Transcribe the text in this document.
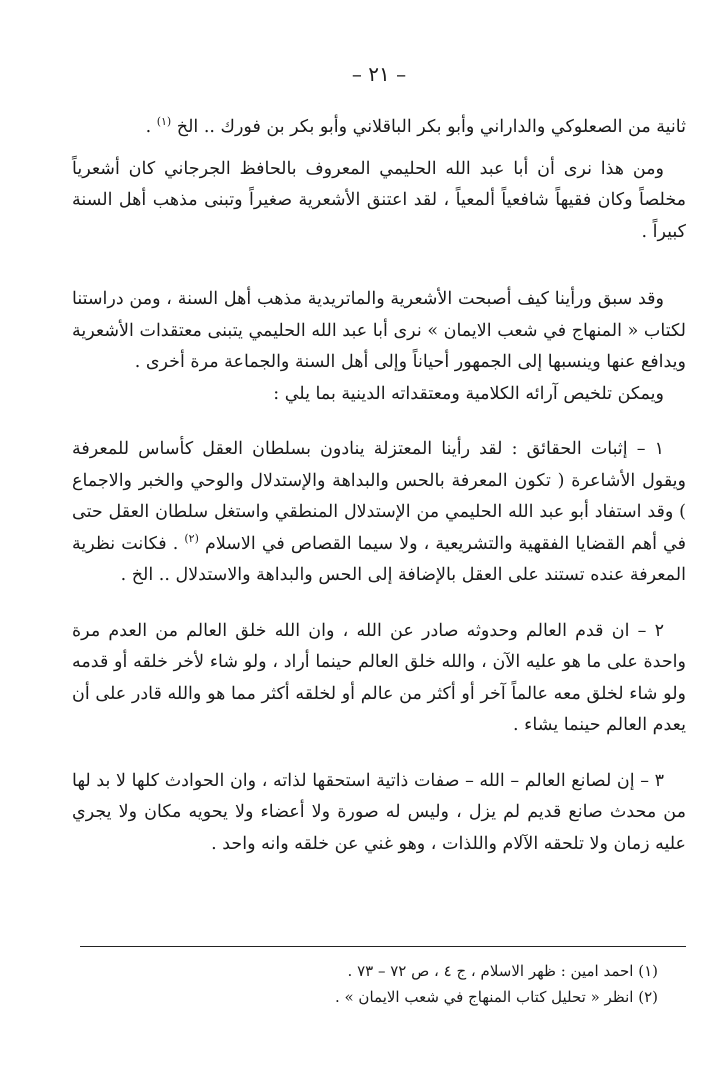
– ٢١ –

ثانية من الصعلوكي والداراني وأبو بكر الباقلاني وأبو بكر بن فورك .. الخ $^{(١)}$ .

ومن هذا نرى أن أبا عبد الله الحليمي المعروف بالحافظ الجرجاني كان أشعرياً مخلصاً وكان فقيهاً شافعياً ألمعياً ، لقد اعتنق الأشعرية صغيراً وتبنى مذهب أهل السنة كبيراً .

وقد سبق ورأينا كيف أصبحت الأشعرية والماتريدية مذهب أهل السنة ، ومن دراستنا لكتاب « المنهاج في شعب الايمان » نرى أبا عبد الله الحليمي يتبنى معتقدات الأشعرية ويدافع عنها وينسبها إلى الجمهور أحياناً وإلى أهل السنة والجماعة مرة أخرى .

ويمكن تلخيص آرائه الكلامية ومعتقداته الدينية بما يلي :

١ – إثبات الحقائق : لقد رأينا المعتزلة ينادون بسلطان العقل كأساس للمعرفة ويقول الأشاعرة ( تكون المعرفة بالحس والبداهة والإستدلال والوحي والخبر والاجماع ) وقد استفاد أبو عبد الله الحليمي من الإستدلال المنطقي واستغل سلطان العقل حتى في أهم القضايا الفقهية والتشريعية ، ولا سيما القصاص في الاسلام $^{(٢)}$ . فكانت نظرية المعرفة عنده تستند على العقل بالإضافة إلى الحس والبداهة والاستدلال .. الخ .

٢ – ان قدم العالم وحدوثه صادر عن الله ، وان الله خلق العالم من العدم مرة واحدة على ما هو عليه الآن ، والله خلق العالم حينما أراد ، ولو شاء لأخر خلقه أو قدمه ولو شاء لخلق معه عالماً آخر أو أكثر من عالم أو لخلقه أكثر مما هو والله قادر على أن يعدم العالم حينما يشاء .

٣ – إن لصانع العالم – الله – صفات ذاتية استحقها لذاته ، وان الحوادث كلها لا بد لها من محدث صانع قديم لم يزل ، وليس له صورة ولا أعضاء ولا يحويه مكان ولا يجري عليه زمان ولا تلحقه الآلام واللذات ، وهو غني عن خلقه وانه واحد .

(١) احمد امين : ظهر الاسلام ، ج ٤ ، ص ٧٢ – ٧٣ .
(٢) انظر « تحليل كتاب المنهاج في شعب الايمان » .
